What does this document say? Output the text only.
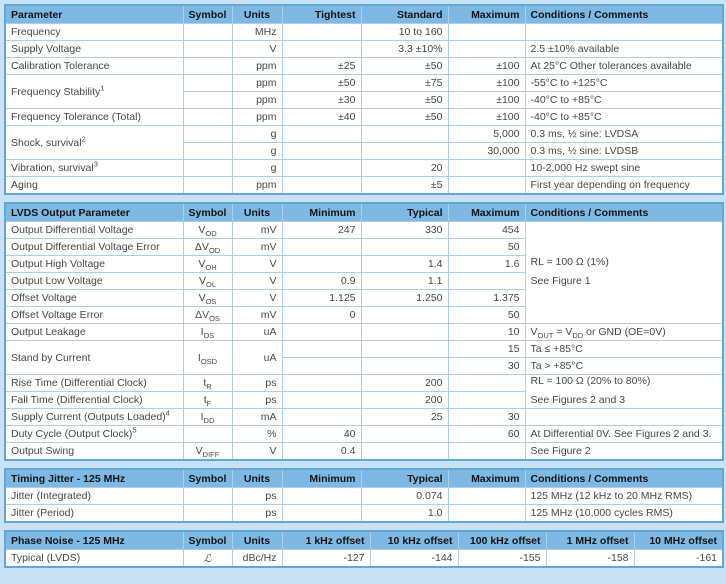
Parameter	Symbol	Units	Tightest	Standard	Maximum	Conditions / Comments
Frequency		MHz		10 to 160		
Supply Voltage		V		3.3 ±10%		2.5 ±10% available
Calibration Tolerance		ppm	±25	±50	±100	At 25°C Other tolerances available
Frequency Stability$^1$		ppm	±50	±75	±100	-55°C to +125°C
		ppm	±30	±50	±100	-40°C to +85°C
Frequency Tolerance (Total)		ppm	±40	±50	±100	-40°C to +85°C
Shock, survival$^2$		g			5,000	0.3 ms, ½ sine: LVDSA
		g			30,000	0.3 ms, ½ sine: LVDSB
Vibration, survival$^3$		g		20		10-2,000 Hz swept sine
Aging		ppm		±5		First year depending on frequency
LVDS Output Parameter	Symbol	Units	Minimum	Typical	Maximum	Conditions / Comments
Output Differential Voltage	$V_{OD}$	mV	247	330	454	RL = 100 Ω (1%)
See Figure 1

Output Differential Voltage Error	$\Delta V_{OD}$	mV			50	
Output High Voltage	$V_{OH}$	V		1.4	1.6	
Output Low Voltage	$V_{OL}$	V	0.9	1.1		
Offset Voltage	$V_{OS}$	V	1.125	1.250	1.375	
Offset Voltage Error	$\Delta V_{OS}$	mV	0		50	
Output Leakage	$I_{OS}$	uA			10	$V_{OUT} = V_{DD}$ or GND (OE=0V)
Stand by Current	$I_{OSD}$	uA			15	Ta ≤ +85°C
					30	Ta > +85°C
Rise Time (Differential Clock)	$t_R$	ps		200		RL = 100 Ω (20% to 80%)
See Figures 2 and 3

Fall Time (Differential Clock)	$t_F$	ps		200		
Supply Current (Outputs Loaded)$^4$	$I_{DD}$	mA		25	30	
Duty Cycle (Output Clock)$^5$		%	40		60	At Differential 0V. See Figures 2 and 3.
Output Swing	$V_{DIFF}$	V	0.4			See Figure 2
Timing Jitter - 125 MHz	Symbol	Units	Minimum	Typical	Maximum	Conditions / Comments
Jitter (Integrated)		ps		0.074		125 MHz (12 kHz to 20 MHz RMS)
Jitter (Period)		ps		1.0		125 MHz (10,000 cycles RMS)
Phase Noise - 125 MHz	Symbol	Units	1 kHz offset	10 kHz offset	100 kHz offset	1 MHz offset	10 MHz offset
Typical (LVDS)	ℒ	dBc/Hz	-127	-144	-155	-158	-161
